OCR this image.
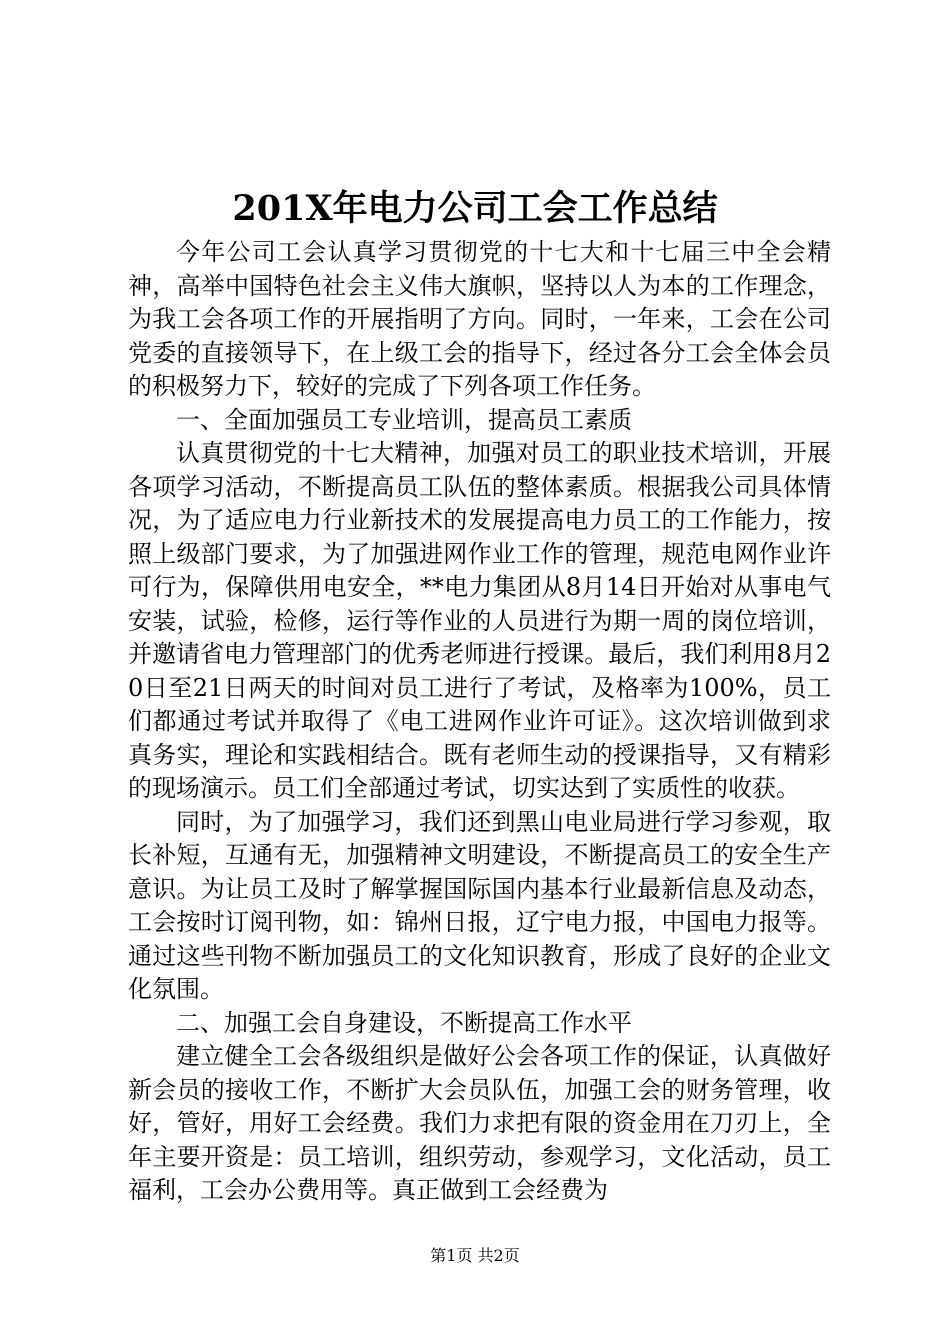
201X年电力公司工会工作总结

今年公司工会认真学习贯彻党的十七大和十七届三中全会精神，高举中国特色社会主义伟大旗帜，坚持以人为本的工作理念，为我工会各项工作的开展指明了方向。同时，一年来，工会在公司党委的直接领导下，在上级工会的指导下，经过各分工会全体会员的积极努力下，较好的完成了下列各项工作任务。

一、全面加强员工专业培训，提高员工素质

认真贯彻党的十七大精神，加强对员工的职业技术培训，开展各项学习活动，不断提高员工队伍的整体素质。根据我公司具体情况，为了适应电力行业新技术的发展提高电力员工的工作能力，按照上级部门要求，为了加强进网作业工作的管理，规范电网作业许可行为，保障供用电安全，**电力集团从8月14日开始对从事电气安装，试验，检修，运行等作业的人员进行为期一周的岗位培训，并邀请省电力管理部门的优秀老师进行授课。最后，我们利用8月20日至21日两天的时间对员工进行了考试，及格率为100%，员工们都通过考试并取得了《电工进网作业许可证》。这次培训做到求真务实，理论和实践相结合。既有老师生动的授课指导，又有精彩的现场演示。员工们全部通过考试，切实达到了实质性的收获。

同时，为了加强学习，我们还到黑山电业局进行学习参观，取长补短，互通有无，加强精神文明建设，不断提高员工的安全生产意识。为让员工及时了解掌握国际国内基本行业最新信息及动态，工会按时订阅刊物，如：锦州日报，辽宁电力报，中国电力报等。通过这些刊物不断加强员工的文化知识教育，形成了良好的企业文化氛围。

二、加强工会自身建设，不断提高工作水平

建立健全工会各级组织是做好公会各项工作的保证，认真做好新会员的接收工作，不断扩大会员队伍，加强工会的财务管理，收好，管好，用好工会经费。我们力求把有限的资金用在刀刃上，全年主要开资是：员工培训，组织劳动，参观学习，文化活动，员工福利，工会办公费用等。真正做到工会经费为

第1页 共2页
